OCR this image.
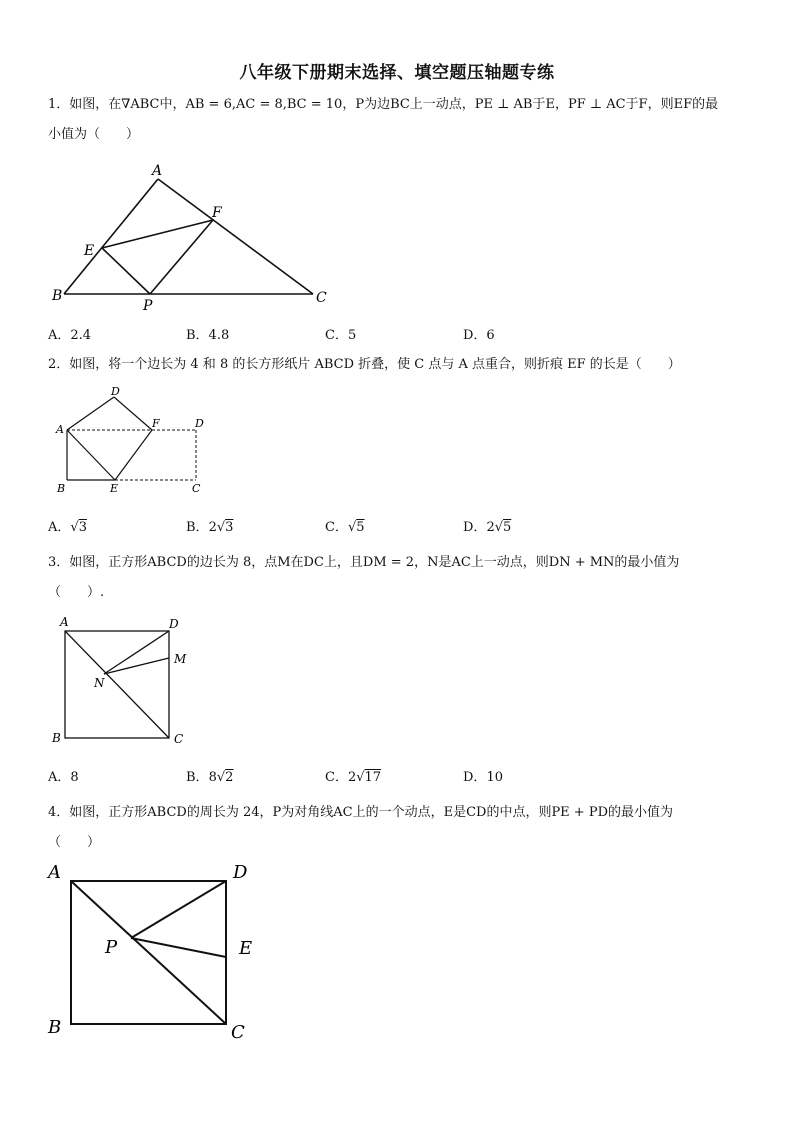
八年级下册期末选择、填空题压轴题专练
1．如图，在∇ABC中，AB = 6,AC = 8,BC = 10，P为边BC上一动点，PE ⊥ AB于E，PF ⊥ AC于F，则EF的最
小值为（　　）
A
B	C
E
F
P
A．2.4	B．4.8	C．5	D．6
2．如图，将一个边长为 4 和 8 的长方形纸片 ABCD 折叠，使 C 点与 A 点重合，则折痕 EF 的长是（　　）
D
A	F	D
B	E	C
A．√3	B．2√3	C．√5	D．2√5
3．如图，正方形ABCD的边长为 8，点M在DC上，且DM = 2，N是AC上一动点，则DN + MN的最小值为
（　　）.
A	D
M
N
B	C
A．8	B．8√2	C．2√17	D．10
4．如图，正方形ABCD的周长为 24，P为对角线AC上的一个动点，E是CD的中点，则PE + PD的最小值为
（　　）
A	D
P	E
B	C
